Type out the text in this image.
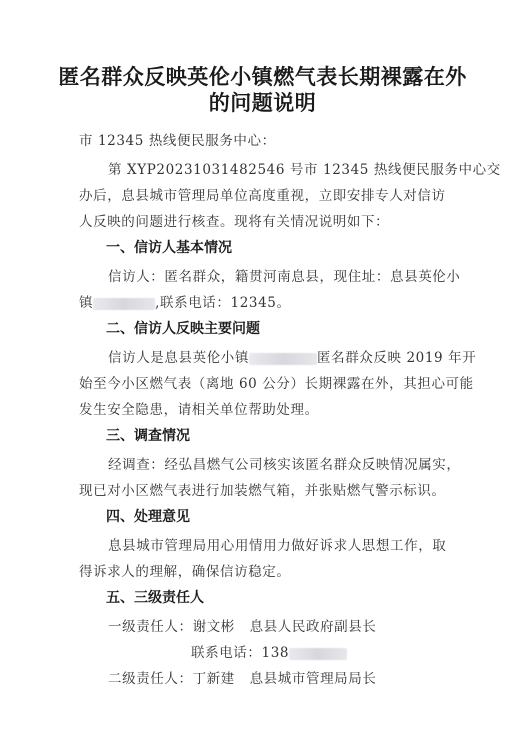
匿名群众反映英伦小镇燃气表长期裸露在外
的问题说明
市 12345 热线便民服务中心：
第 XYP20231031482546 号市 12345 热线便民服务中心交
办后，息县城市管理局单位高度重视，立即安排专人对信访
人反映的问题进行核查。现将有关情况说明如下：
一、信访人基本情况
信访人：匿名群众，籍贯河南息县，现住址：息县英伦小
镇	,联系电话：12345。
二、信访人反映主要问题
信访人是息县英伦小镇	匿名群众反映 2019 年开
始至今小区燃气表（离地 60 公分）长期裸露在外，其担心可能
发生安全隐患，请相关单位帮助处理。
三、调查情况
经调查：经弘昌燃气公司核实该匿名群众反映情况属实，
现已对小区燃气表进行加装燃气箱，并张贴燃气警示标识。
四、处理意见
息县城市管理局用心用情用力做好诉求人思想工作，取
得诉求人的理解，确保信访稳定。
五、三级责任人
一级责任人：谢文彬   息县人民政府副县长
联系电话：138
二级责任人：丁新建   息县城市管理局局长
